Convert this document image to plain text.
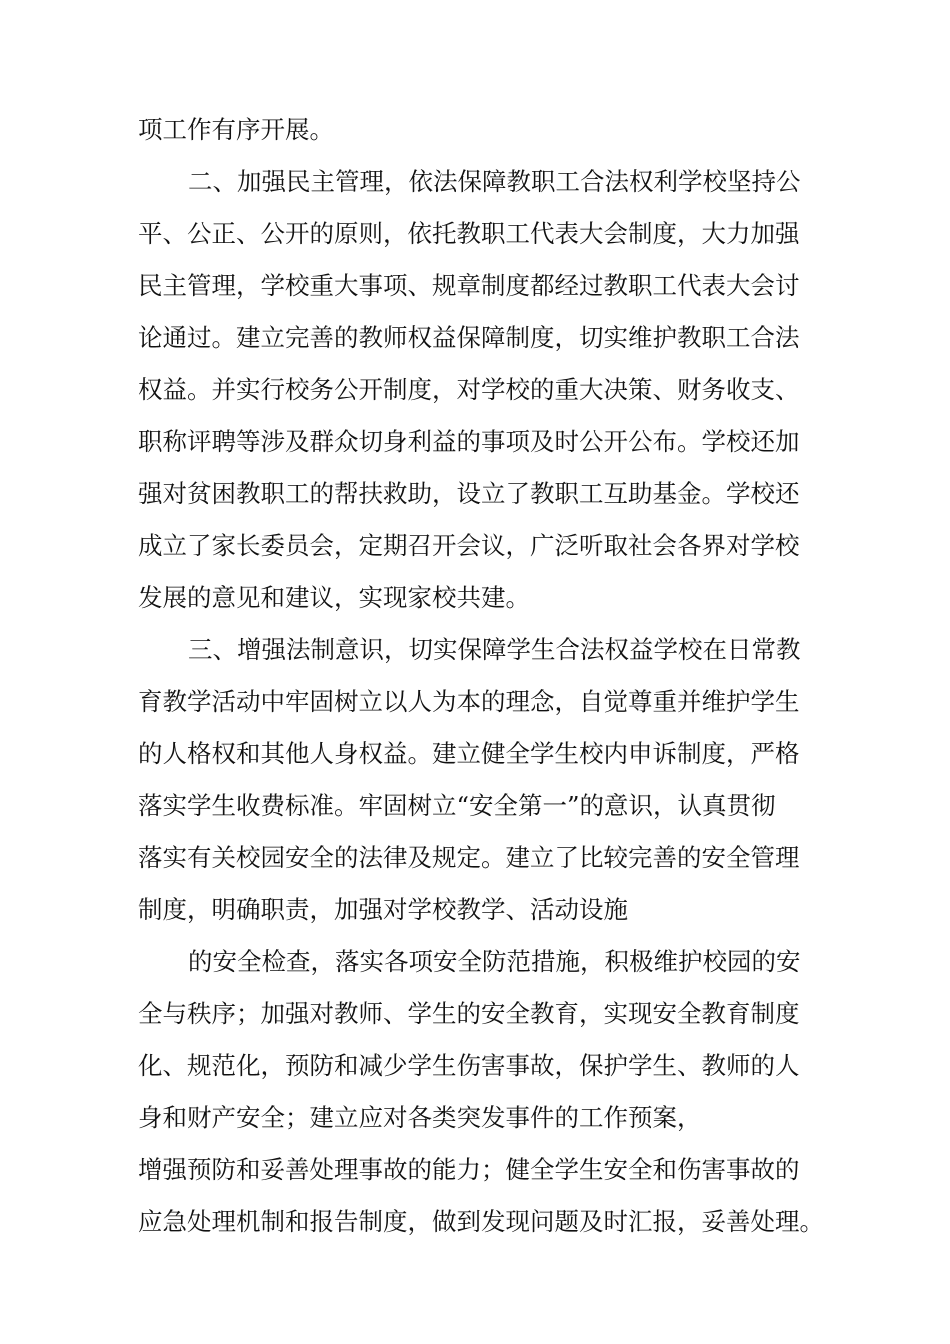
项工作有序开展。

二、加强民主管理，依法保障教职工合法权利学校坚持公

平、公正、公开的原则，依托教职工代表大会制度，大力加强

民主管理，学校重大事项、规章制度都经过教职工代表大会讨

论通过。建立完善的教师权益保障制度，切实维护教职工合法

权益。并实行校务公开制度，对学校的重大决策、财务收支、

职称评聘等涉及群众切身利益的事项及时公开公布。学校还加

强对贫困教职工的帮扶救助，设立了教职工互助基金。学校还

成立了家长委员会，定期召开会议，广泛听取社会各界对学校

发展的意见和建议，实现家校共建。

三、增强法制意识，切实保障学生合法权益学校在日常教

育教学活动中牢固树立以人为本的理念，自觉尊重并维护学生

的人格权和其他人身权益。建立健全学生校内申诉制度，严格

落实学生收费标准。牢固树立“安全第一”的意识，认真贯彻

落实有关校园安全的法律及规定。建立了比较完善的安全管理

制度，明确职责，加强对学校教学、活动设施

的安全检查，落实各项安全防范措施，积极维护校园的安

全与秩序；加强对教师、学生的安全教育，实现安全教育制度

化、规范化，预防和减少学生伤害事故，保护学生、教师的人

身和财产安全；建立应对各类突发事件的工作预案，

增强预防和妥善处理事故的能力；健全学生安全和伤害事故的

应急处理机制和报告制度，做到发现问题及时汇报，妥善处理。
